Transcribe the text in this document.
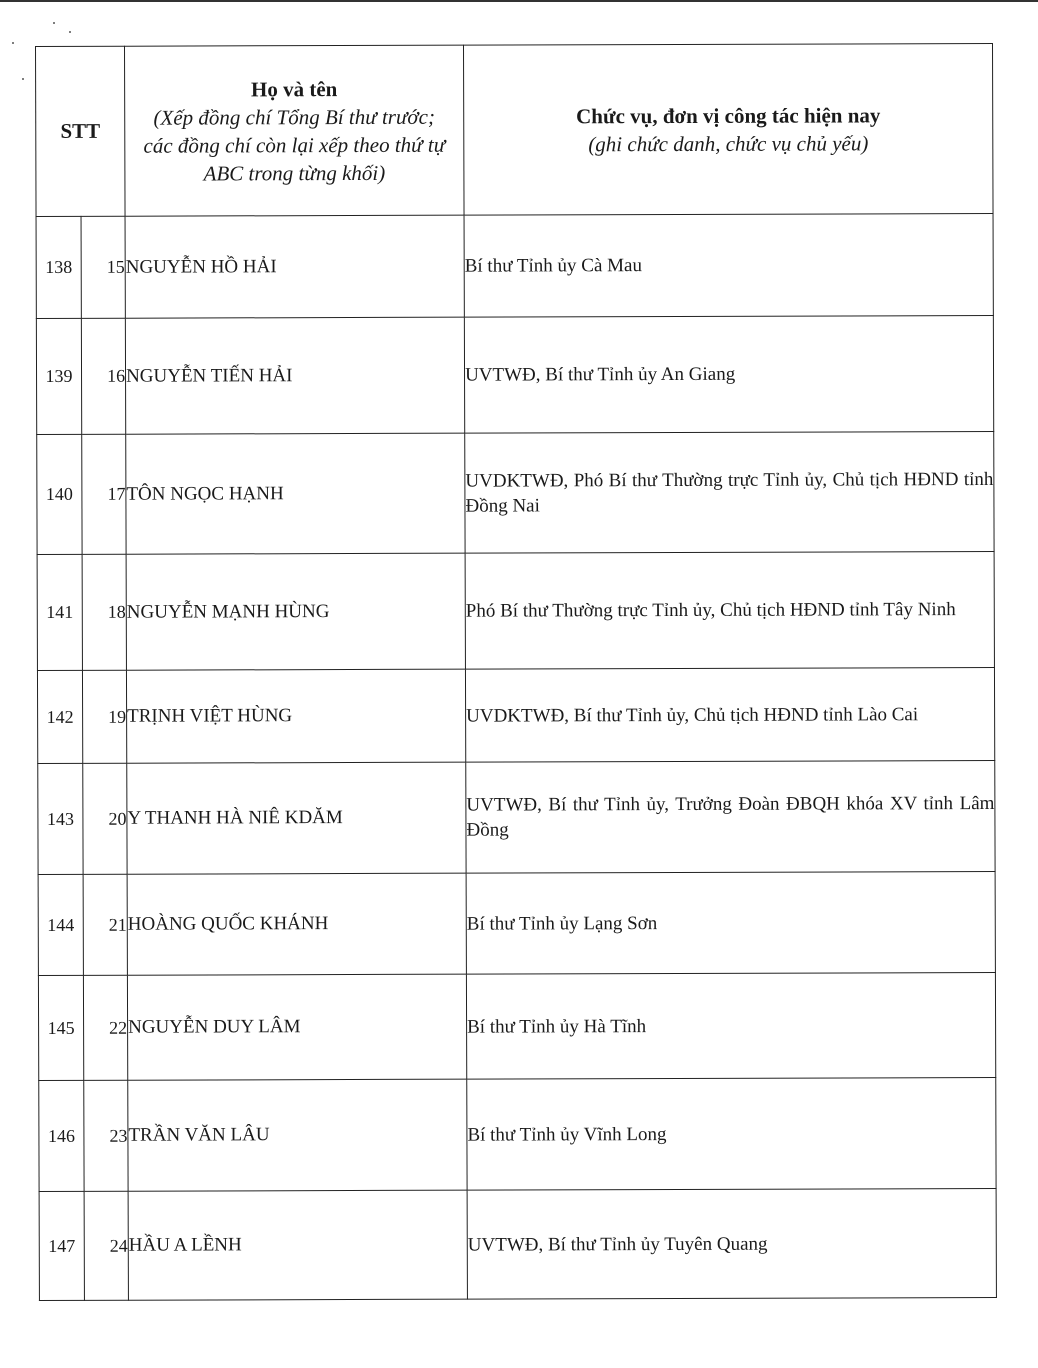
STT		Họ và tên
(Xếp đồng chí Tổng Bí thư trước;
các đồng chí còn lại xếp theo thứ tự
ABC trong từng khối)	Chức vụ, đơn vị công tác hiện nay
(ghi chức danh, chức vụ chủ yếu)

138	15	NGUYỄN HỒ HẢI	Bí thư Tỉnh ủy Cà Mau
139	16	NGUYỄN TIẾN HẢI	UVTWĐ, Bí thư Tỉnh ủy An Giang
140	17	TÔN NGỌC HẠNH	UVDKTWĐ, Phó Bí thư Thường trực Tỉnh ủy, Chủ tịch HĐND tỉnh Đồng Nai
141	18	NGUYỄN MẠNH HÙNG	Phó Bí thư Thường trực Tỉnh ủy, Chủ tịch HĐND tỉnh Tây Ninh
142	19	TRỊNH VIỆT HÙNG	UVDKTWĐ, Bí thư Tỉnh ủy, Chủ tịch HĐND tỉnh Lào Cai
143	20	Y THANH HÀ NIÊ KDĂM	UVTWĐ, Bí thư Tỉnh ủy, Trưởng Đoàn ĐBQH khóa XV tỉnh Lâm Đồng
144	21	HOÀNG QUỐC KHÁNH	Bí thư Tỉnh ủy Lạng Sơn
145	22	NGUYỄN DUY LÂM	Bí thư Tỉnh ủy Hà Tĩnh
146	23	TRẦN VĂN LÂU	Bí thư Tỉnh ủy Vĩnh Long
147	24	HẦU A LỀNH	UVTWĐ, Bí thư Tỉnh ủy Tuyên Quang
